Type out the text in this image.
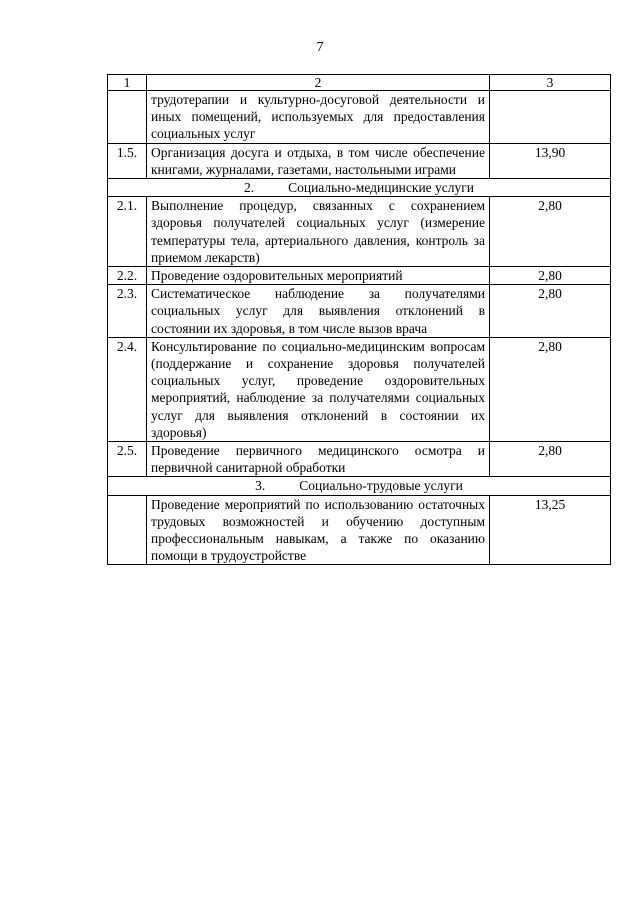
7
1	2	3
	трудотерапии и культурно-досуговой деятельности и иных помещений, используемых для предоставления социальных услуг	
1.5.	Организация досуга и отдыха, в том числе обеспечение книгами, журналами, газетами, настольными играми	13,90
2. Социально-медицинские услуги		
2.1.	Выполнение процедур, связанных с сохранением здоровья получателей социальных услуг (измерение температуры тела, артериального давления, контроль за приемом лекарств)	2,80
2.2.	Проведение оздоровительных мероприятий	2,80
2.3.	Систематическое наблюдение за получателями социальных услуг для выявления отклонений в состоянии их здоровья, в том числе вызов врача	2,80
2.4.	Консультирование по социально-медицинским вопросам (поддержание и сохранение здоровья получателей социальных услуг, проведение оздоровительных мероприятий, наблюдение за получателями социальных услуг для выявления отклонений в состоянии их здоровья)	2,80
2.5.	Проведение первичного медицинского осмотра и первичной санитарной обработки	2,80
3. Социально-трудовые услуги		
	Проведение мероприятий по использованию остаточных трудовых возможностей и обучению доступным профессиональным навыкам, а также по оказанию помощи в трудоустройстве	13,25
